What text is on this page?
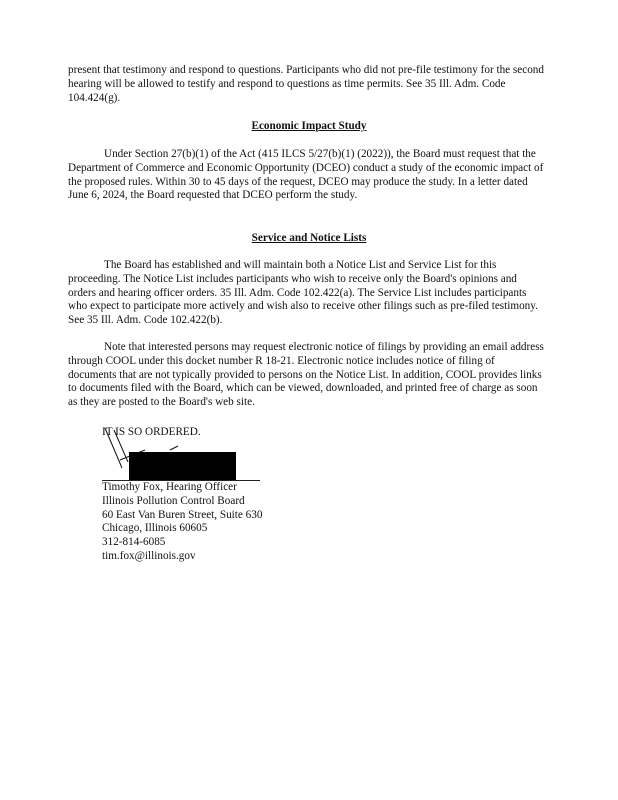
present that testimony and respond to questions. Participants who did not pre-file testimony for the second hearing will be allowed to testify and respond to questions as time permits. See 35 Ill. Adm. Code 104.424(g).
Economic Impact Study
Under Section 27(b)(1) of the Act (415 ILCS 5/27(b)(1) (2022)), the Board must request that the Department of Commerce and Economic Opportunity (DCEO) conduct a study of the economic impact of the proposed rules. Within 30 to 45 days of the request, DCEO may produce the study. In a letter dated June 6, 2024, the Board requested that DCEO perform the study.
Service and Notice Lists
The Board has established and will maintain both a Notice List and Service List for this proceeding. The Notice List includes participants who wish to receive only the Board's opinions and orders and hearing officer orders. 35 Ill. Adm. Code 102.422(a). The Service List includes participants who expect to participate more actively and wish also to receive other filings such as pre-filed testimony. See 35 Ill. Adm. Code 102.422(b).
Note that interested persons may request electronic notice of filings by providing an email address through COOL under this docket number R 18-21. Electronic notice includes notice of filing of documents that are not typically provided to persons on the Notice List. In addition, COOL provides links to documents filed with the Board, which can be viewed, downloaded, and printed free of charge as soon as they are posted to the Board's web site.
IT IS SO ORDERED.
Timothy Fox, Hearing Officer
Illinois Pollution Control Board
60 East Van Buren Street, Suite 630
Chicago, Illinois 60605
312-814-6085
tim.fox@illinois.gov
